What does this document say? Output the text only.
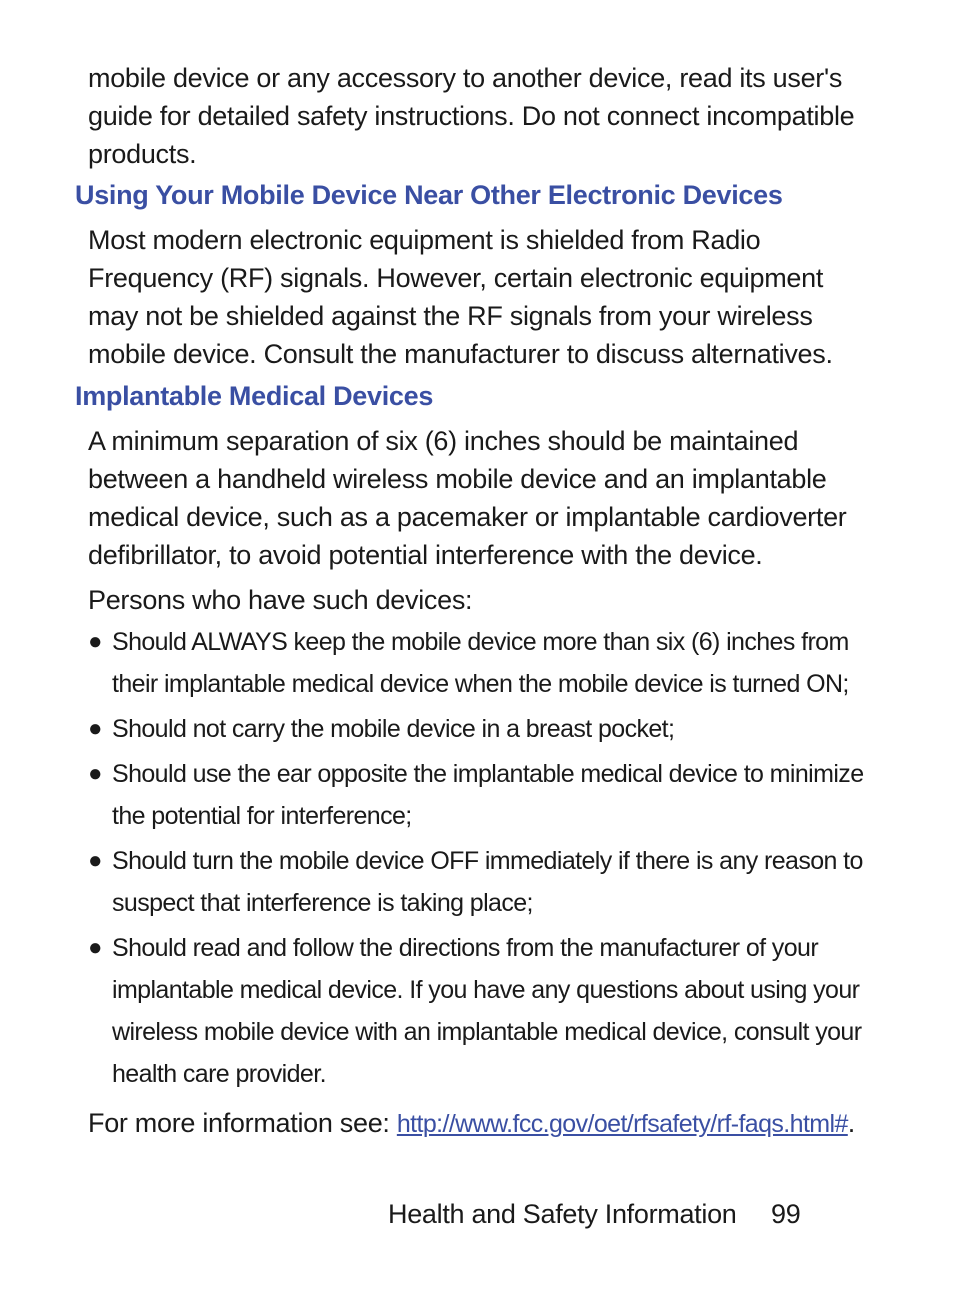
mobile device or any accessory to another device, read its user's guide for detailed safety instructions. Do not connect incompatible products.

Using Your Mobile Device Near Other Electronic Devices

Most modern electronic equipment is shielded from Radio Frequency (RF) signals. However, certain electronic equipment may not be shielded against the RF signals from your wireless mobile device. Consult the manufacturer to discuss alternatives.

Implantable Medical Devices

A minimum separation of six (6) inches should be maintained between a handheld wireless mobile device and an implantable medical device, such as a pacemaker or implantable cardioverter defibrillator, to avoid potential interference with the device.

Persons who have such devices:

● Should ALWAYS keep the mobile device more than six (6) inches from their implantable medical device when the mobile device is turned ON;
● Should not carry the mobile device in a breast pocket;
● Should use the ear opposite the implantable medical device to minimize the potential for interference;
● Should turn the mobile device OFF immediately if there is any reason to suspect that interference is taking place;
● Should read and follow the directions from the manufacturer of your implantable medical device. If you have any questions about using your wireless mobile device with an implantable medical device, consult your health care provider.

For more information see: http://www.fcc.gov/oet/rfsafety/rf-faqs.html#.

Health and Safety Information 99
